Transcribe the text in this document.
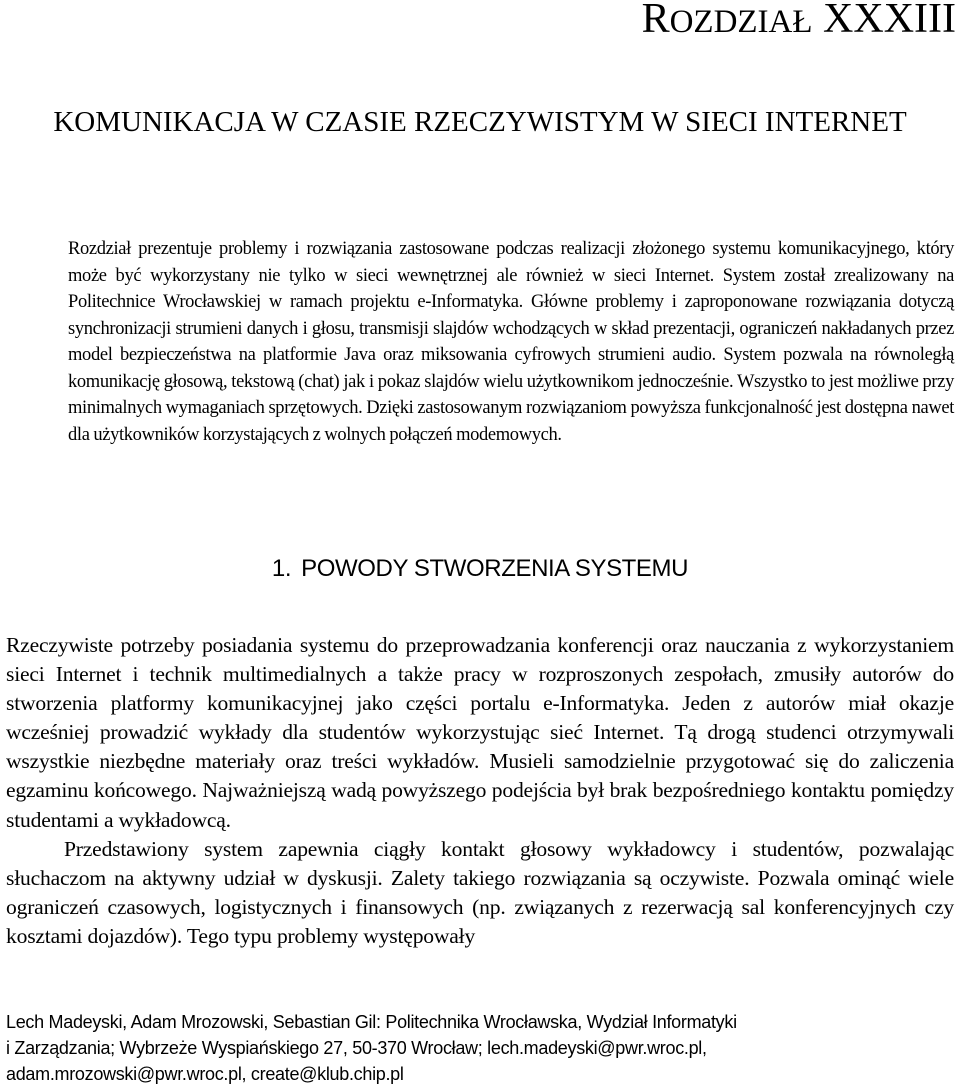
ROZDZIAŁ XXXIII
KOMUNIKACJA W CZASIE RZECZYWISTYM W SIECI INTERNET

Rozdział prezentuje problemy i rozwiązania zastosowane podczas realizacji złożonego systemu komunikacyjnego, który może być wykorzystany nie tylko w sieci wewnętrznej ale również w sieci Internet. System został zrealizowany na Politechnice Wrocławskiej w ramach projektu e-Informatyka. Główne problemy i zaproponowane rozwiązania dotyczą synchronizacji strumieni danych i głosu, transmisji slajdów wchodzących w skład prezentacji, ograniczeń nakładanych przez model bezpieczeństwa na platformie Java oraz miksowania cyfrowych strumieni audio. System pozwala na równoległą komunikację głosową, tekstową (chat) jak i pokaz slajdów wielu użytkownikom jednocześnie. Wszystko to jest możliwe przy minimalnych wymaganiach sprzętowych. Dzięki zastosowanym rozwiązaniom powyższa funkcjonalność jest dostępna nawet dla użytkowników korzystających z wolnych połączeń modemowych.

1. POWODY STWORZENIA SYSTEMU

Rzeczywiste potrzeby posiadania systemu do przeprowadzania konferencji oraz nauczania z wykorzystaniem sieci Internet i technik multimedialnych a także pracy w rozproszonych zespołach, zmusiły autorów do stworzenia platformy komunikacyjnej jako części portalu e-Informatyka. Jeden z autorów miał okazje wcześniej prowadzić wykłady dla studentów wykorzystując sieć Internet. Tą drogą studenci otrzymywali wszystkie niezbędne materiały oraz treści wykładów. Musieli samodzielnie przygotować się do zaliczenia egzaminu końcowego. Najważniejszą wadą powyższego podejścia był brak bezpośredniego kontaktu pomiędzy studentami a wykładowcą.

Przedstawiony system zapewnia ciągły kontakt głosowy wykładowcy i studentów, pozwalając słuchaczom na aktywny udział w dyskusji. Zalety takiego rozwiązania są oczywiste. Pozwala ominąć wiele ograniczeń czasowych, logistycznych i finansowych (np. związanych z rezerwacją sal konferencyjnych czy kosztami dojazdów). Tego typu problemy występowały

Lech Madeyski, Adam Mrozowski, Sebastian Gil: Politechnika Wrocławska, Wydział Informatyki
i Zarządzania; Wybrzeże Wyspiańskiego 27, 50-370 Wrocław; lech.madeyski@pwr.wroc.pl,
adam.mrozowski@pwr.wroc.pl, create@klub.chip.pl
